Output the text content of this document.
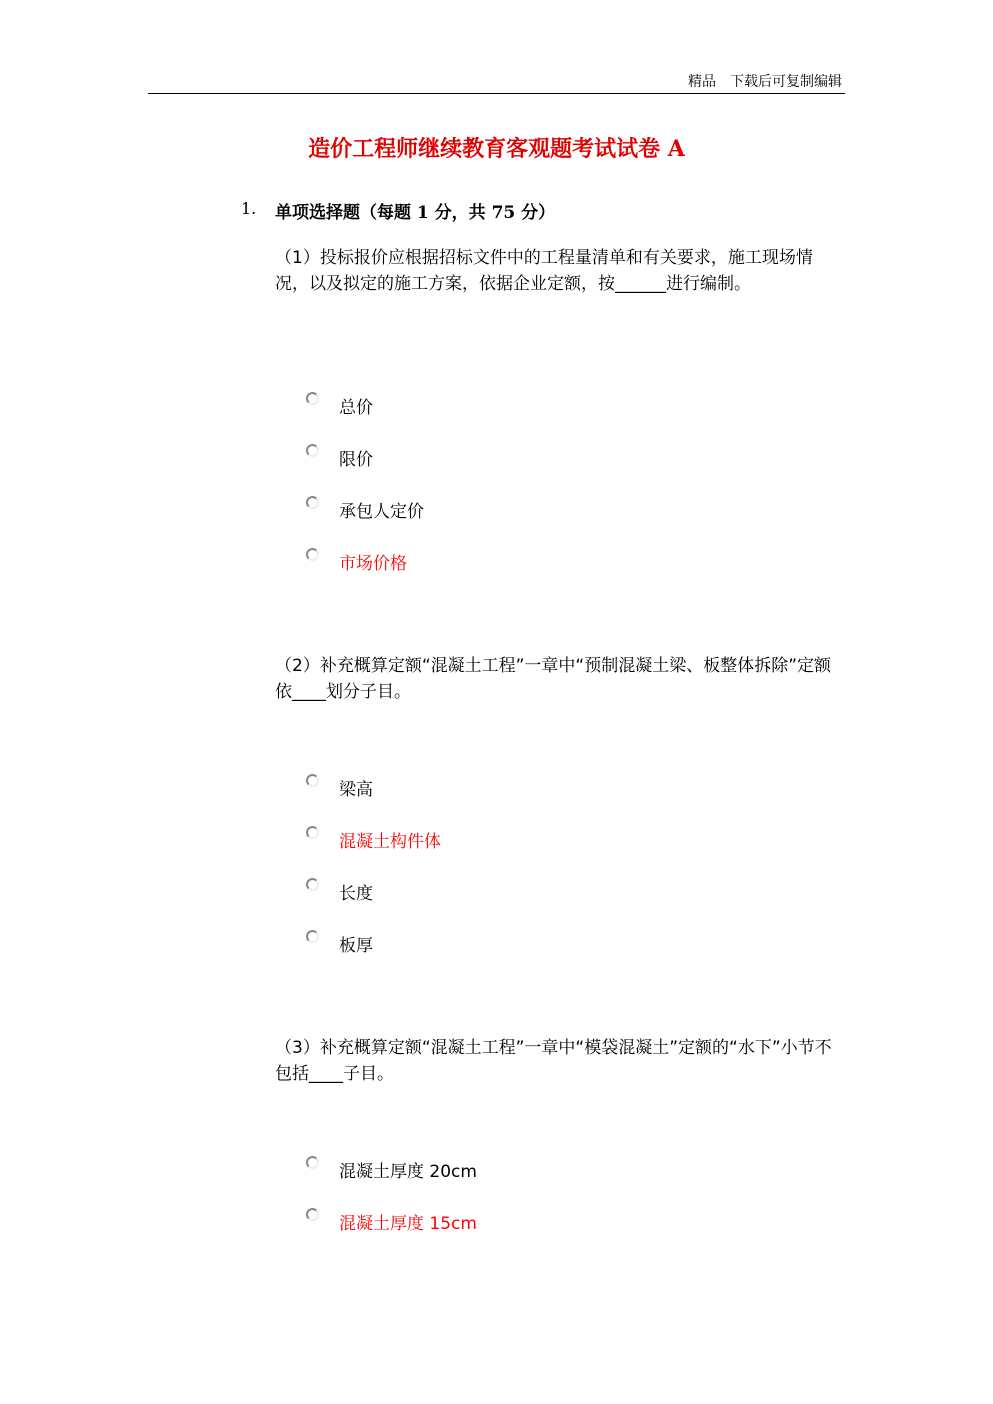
精品 下载后可复制编辑
造价工程师继续教育客观题考试试卷 A
1. 单项选择题（每题 1 分，共 75 分）
（1）投标报价应根据招标文件中的工程量清单和有关要求，施工现场情况，以及拟定的施工方案，依据企业定额，按______进行编制。
总价
限价
承包人定价
市场价格
（2）补充概算定额“混凝土工程”一章中“预制混凝土梁、板整体拆除”定额依____划分子目。
梁高
混凝土构件体
长度
板厚
（3）补充概算定额“混凝土工程”一章中“模袋混凝土”定额的“水下”小节不包括____子目。
混凝土厚度 20cm
混凝土厚度 15cm
